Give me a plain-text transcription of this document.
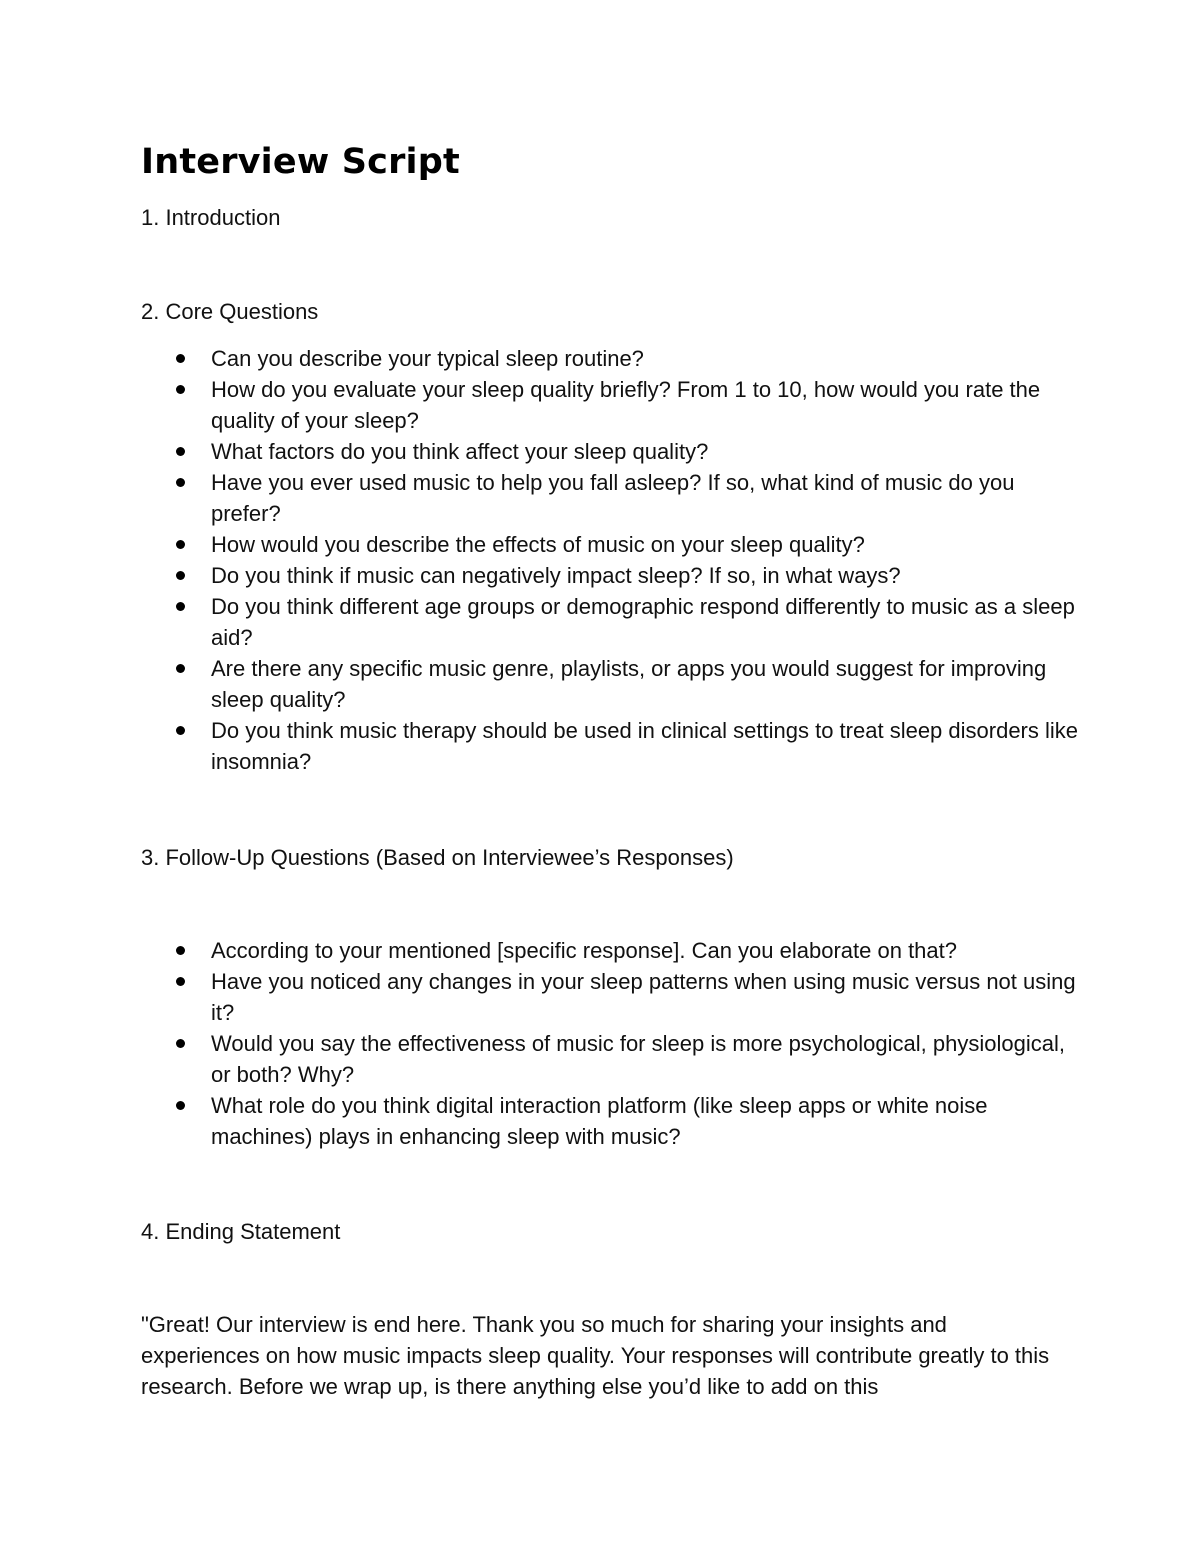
Interview Script

1. Introduction

2. Core Questions

Can you describe your typical sleep routine?
How do you evaluate your sleep quality briefly? From 1 to 10, how would you rate the quality of your sleep?
What factors do you think affect your sleep quality?
Have you ever used music to help you fall asleep? If so, what kind of music do you prefer?
How would you describe the effects of music on your sleep quality?
Do you think if music can negatively impact sleep? If so, in what ways?
Do you think different age groups or demographic respond differently to music as a sleep aid?
Are there any specific music genre, playlists, or apps you would suggest for improving sleep quality?
Do you think music therapy should be used in clinical settings to treat sleep disorders like insomnia?

3. Follow-Up Questions (Based on Interviewee’s Responses)

According to your mentioned [specific response]. Can you elaborate on that?
Have you noticed any changes in your sleep patterns when using music versus not using it?
Would you say the effectiveness of music for sleep is more psychological, physiological, or both? Why?
What role do you think digital interaction platform (like sleep apps or white noise machines) plays in enhancing sleep with music?

4. Ending Statement

"Great! Our interview is end here. Thank you so much for sharing your insights and experiences on how music impacts sleep quality. Your responses will contribute greatly to this research. Before we wrap up, is there anything else you’d like to add on this
